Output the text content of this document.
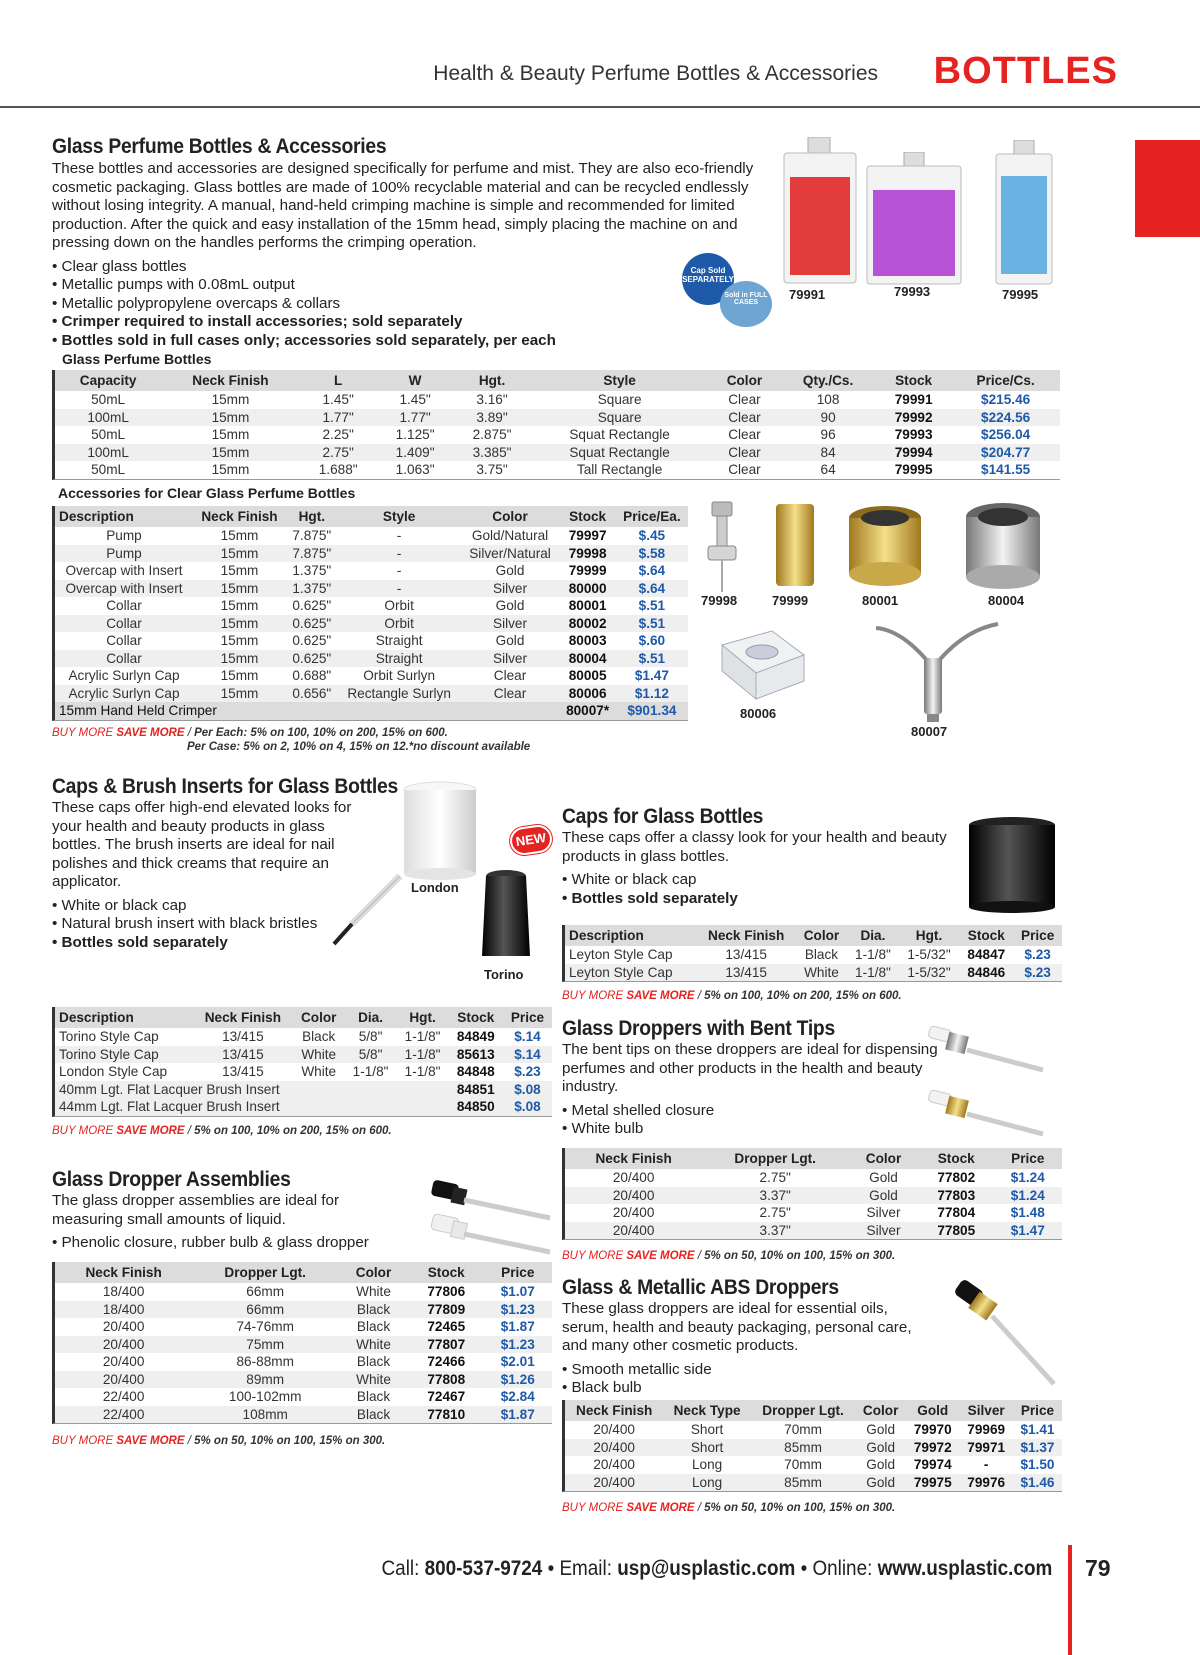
Health & Beauty Perfume Bottles & Accessories BOTTLES
Glass Perfume Bottles & Accessories

These bottles and accessories are designed specifically for perfume and mist. They are also eco-friendly cosmetic packaging. Glass bottles are made of 100% recyclable material and can be recycled endlessly without losing integrity. A manual, hand-held crimping machine is simple and recommended for limited production. After the quick and easy installation of the 15mm head, simply placing the machine on and pressing down on the handles performs the crimping operation.

• Clear glass bottles
• Metallic pumps with 0.08mL output
• Metallic polypropylene overcaps & collars
• Crimper required to install accessories; sold separately
• Bottles sold in full cases only; accessories sold separately, per each
Cap Sold SEPARATELY
Sold in FULL CASES
79991	79993	79995
Glass Perfume Bottles
Capacity	Neck Finish	L	W	Hgt.	Style	Color	Qty./Cs.	Stock	Price/Cs.
50mL	15mm	1.45"	1.45"	3.16"	Square	Clear	108	79991	$215.46
100mL	15mm	1.77"	1.77"	3.89"	Square	Clear	90	79992	$224.56
50mL	15mm	2.25"	1.125"	2.875"	Squat Rectangle	Clear	96	79993	$256.04
100mL	15mm	2.75"	1.409"	3.385"	Squat Rectangle	Clear	84	79994	$204.77
50mL	15mm	1.688"	1.063"	3.75"	Tall Rectangle	Clear	64	79995	$141.55
Accessories for Clear Glass Perfume Bottles
Description	Neck Finish	Hgt.	Style	Color	Stock	Price/Ea.
Pump	15mm	7.875"	-	Gold/Natural	79997	$.45
Pump	15mm	7.875"	-	Silver/Natural	79998	$.58
Overcap with Insert	15mm	1.375"	-	Gold	79999	$.64
Overcap with Insert	15mm	1.375"	-	Silver	80000	$.64
Collar	15mm	0.625"	Orbit	Gold	80001	$.51
Collar	15mm	0.625"	Orbit	Silver	80002	$.51
Collar	15mm	0.625"	Straight	Gold	80003	$.60
Collar	15mm	0.625"	Straight	Silver	80004	$.51
Acrylic Surlyn Cap	15mm	0.688"	Orbit Surlyn	Clear	80005	$1.47
Acrylic Surlyn Cap	15mm	0.656"	Rectangle Surlyn	Clear	80006	$1.12
15mm Hand Held Crimper					80007*	$901.34
BUY MORE SAVE MORE / Per Each: 5% on 100, 10% on 200, 15% on 600.
Per Case: 5% on 2, 10% on 4, 15% on 12.*no discount available
79998	79999	80001	80004
80006
80007
Caps & Brush Inserts for Glass Bottles

These caps offer high-end elevated looks for your health and beauty products in glass bottles. The brush inserts are ideal for nail polishes and thick creams that require an applicator.

• White or black cap
• Natural brush insert with black bristles
• Bottles sold separately
NEW
London
Torino
Description	Neck Finish	Color	Dia.	Hgt.	Stock	Price
Torino Style Cap	13/415	Black	5/8"	1-1/8"	84849	$.14
Torino Style Cap	13/415	White	5/8"	1-1/8"	85613	$.14
London Style Cap	13/415	White	1-1/8"	1-1/8"	84848	$.23
40mm Lgt. Flat Lacquer Brush Insert					84851	$.08
44mm Lgt. Flat Lacquer Brush Insert					84850	$.08
BUY MORE SAVE MORE / 5% on 100, 10% on 200, 15% on 600.
Caps for Glass Bottles

These caps offer a classy look for your health and beauty products in glass bottles.

• White or black cap
• Bottles sold separately
Description	Neck Finish	Color	Dia.	Hgt.	Stock	Price
Leyton Style Cap	13/415	Black	1-1/8"	1-5/32"	84847	$.23
Leyton Style Cap	13/415	White	1-1/8"	1-5/32"	84846	$.23
BUY MORE SAVE MORE / 5% on 100, 10% on 200, 15% on 600.
Glass Droppers with Bent Tips

The bent tips on these droppers are ideal for dispensing perfumes and other products in the health and beauty industry.

• Metal shelled closure
• White bulb
Neck Finish	Dropper Lgt.	Color	Stock	Price
20/400	2.75"	Gold	77802	$1.24
20/400	3.37"	Gold	77803	$1.24
20/400	2.75"	Silver	77804	$1.48
20/400	3.37"	Silver	77805	$1.47
BUY MORE SAVE MORE / 5% on 50, 10% on 100, 15% on 300.
Glass Dropper Assemblies

The glass dropper assemblies are ideal for measuring small amounts of liquid.

• Phenolic closure, rubber bulb & glass dropper
Neck Finish	Dropper Lgt.	Color	Stock	Price
18/400	66mm	White	77806	$1.07
18/400	66mm	Black	77809	$1.23
20/400	74-76mm	Black	72465	$1.87
20/400	75mm	White	77807	$1.23
20/400	86-88mm	Black	72466	$2.01
20/400	89mm	White	77808	$1.26
22/400	100-102mm	Black	72467	$2.84
22/400	108mm	Black	77810	$1.87
BUY MORE SAVE MORE / 5% on 50, 10% on 100, 15% on 300.
Glass & Metallic ABS Droppers

These glass droppers are ideal for essential oils, serum, health and beauty packaging, personal care, and many other cosmetic products.

• Smooth metallic side
• Black bulb
Neck Finish	Neck Type	Dropper Lgt.	Color	Gold	Silver	Price
20/400	Short	70mm	Gold	79970	79969	$1.41
20/400	Short	85mm	Gold	79972	79971	$1.37
20/400	Long	70mm	Gold	79974	-	$1.50
20/400	Long	85mm	Gold	79975	79976	$1.46
BUY MORE SAVE MORE / 5% on 50, 10% on 100, 15% on 300.
Call: 800-537-9724 • Email: usp@usplastic.com • Online: www.usplastic.com 79
